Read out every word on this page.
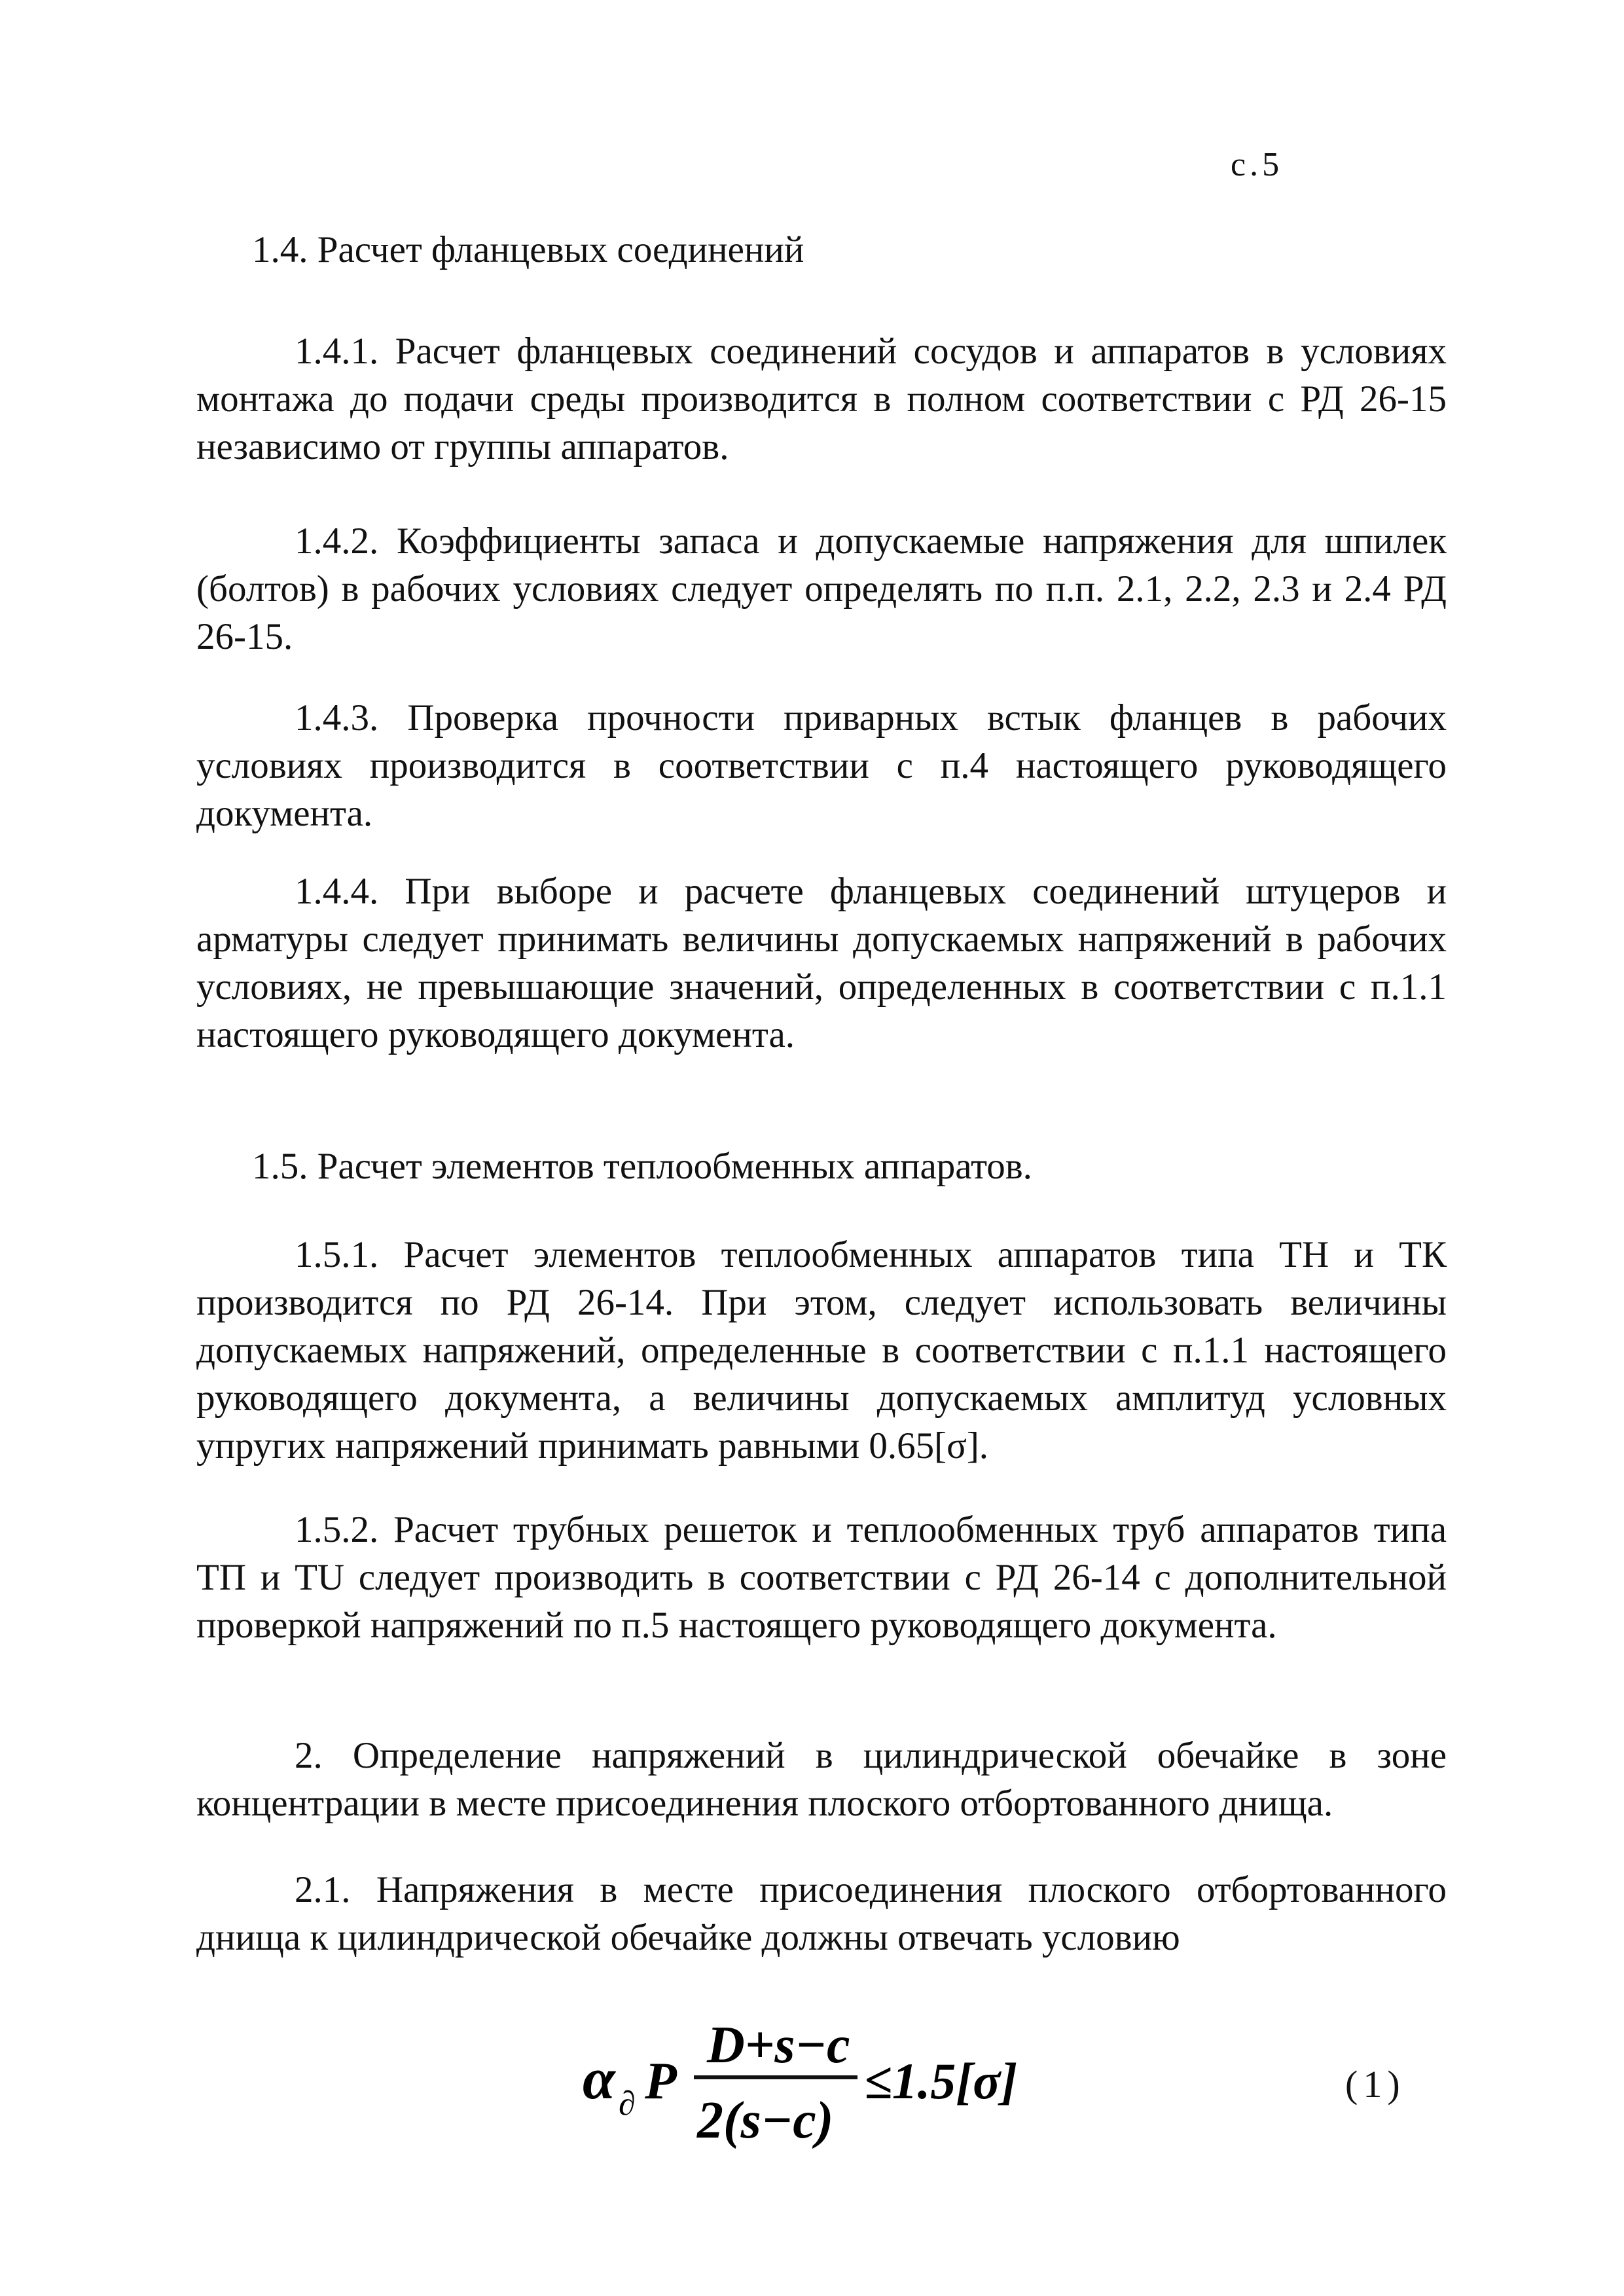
c.5

1.4. Расчет фланцевых соединений

1.4.1. Расчет фланцевых соединений сосудов и аппаратов в условиях монтажа до подачи среды производится в полном соответствии с РД 26-15 независимо от группы аппаратов.

1.4.2. Коэффициенты запаса и допускаемые напряжения для шпилек (болтов) в рабочих условиях следует определять по п.п. 2.1, 2.2, 2.3 и 2.4 РД 26-15.

1.4.3. Проверка прочности приварных встык фланцев в рабочих условиях производится в соответствии с п.4 настоящего руководящего документа.

1.4.4. При выборе и расчете фланцевых соединений штуцеров и арматуры следует принимать величины допускаемых напряжений в рабочих условиях, не превышающие значений, определенных в соответствии с п.1.1 настоящего руководящего документа.

1.5. Расчет элементов теплообменных аппаратов.

1.5.1. Расчет элементов теплообменных аппаратов типа ТН и ТК производится по РД 26-14. При этом, следует использовать величины допускаемых напряжений, определенные в соответствии с п.1.1 настоящего руководящего документа, а величины допускаемых амплитуд условных упругих напряжений принимать равными 0.65[σ].

1.5.2. Расчет трубных решеток и теплообменных труб аппаратов типа ТП и ТU следует производить в соответствии с РД 26-14 с дополнительной проверкой напряжений по п.5 настоящего руководящего документа.

2. Определение напряжений в цилиндрической обечайке в зоне концентрации в месте присоединения плоского отбортованного днища.

2.1. Напряжения в месте присоединения плоского отбортованного днища к цилиндрической обечайке должны отвечать условию

α ∂ P
D+s−c
2(s−c)
≤1.5[σ]	(1)
